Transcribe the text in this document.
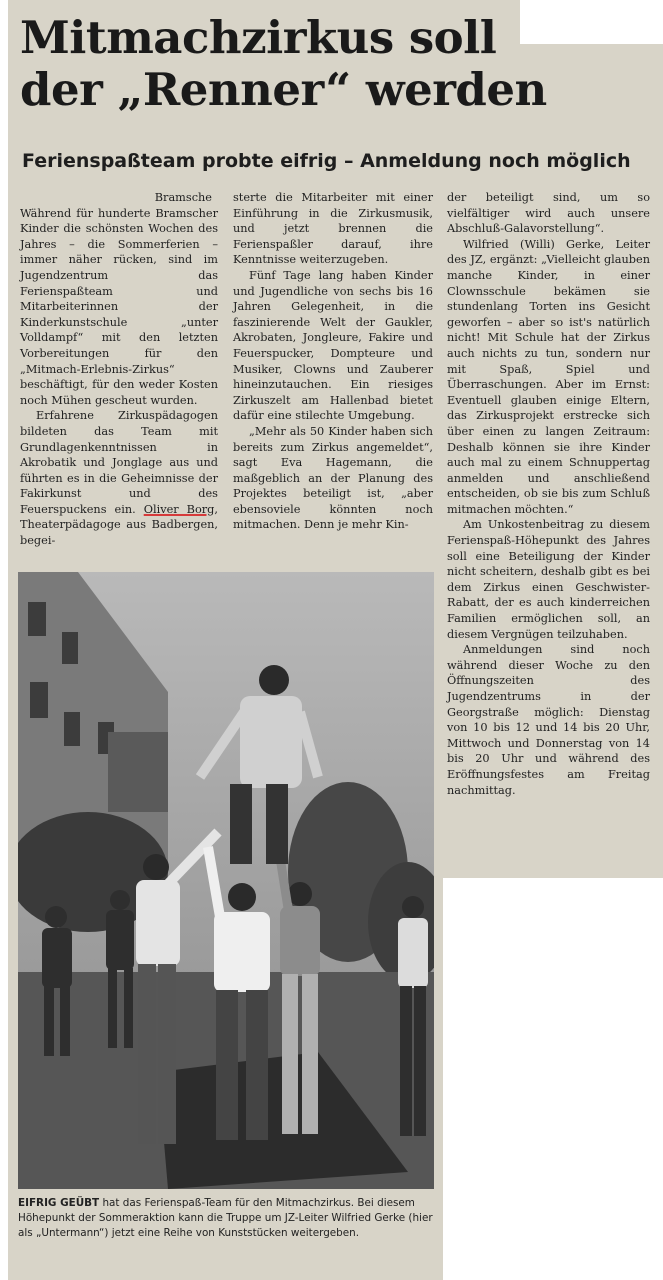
Mitmachzirkus soll
der „Renner“ werden
Ferienspaßteam probte eifrig – Anmeldung noch möglich
Bramsche

Während für hunderte Bramscher Kinder die schönsten Wochen des Jahres – die Sommerferien – immer näher rücken, sind im Jugendzentrum das Ferienspaßteam und Mitarbeiterinnen der Kinderkunstschule „unter Volldampf“ mit den letzten Vorbereitungen für den „Mitmach-Erlebnis-Zirkus“ beschäftigt, für den weder Kosten noch Mühen gescheut wurden.

Erfahrene Zirkuspädagogen bildeten das Team mit Grundlagenkenntnissen in Akrobatik und Jonglage aus und führten es in die Geheimnisse der Fakirkunst und des Feuerspuckens ein. Oliver Borg, Theaterpädagoge aus Badbergen, begei-

sterte die Mitarbeiter mit einer Einführung in die Zirkusmusik, und jetzt brennen die Ferienspaßler darauf, ihre Kenntnisse weiterzugeben.

Fünf Tage lang haben Kinder und Jugendliche von sechs bis 16 Jahren Gelegenheit, in die faszinierende Welt der Gaukler, Akrobaten, Jongleure, Fakire und Feuerspucker, Dompteure und Musiker, Clowns und Zauberer hineinzutauchen. Ein riesiges Zirkuszelt am Hallenbad bietet dafür eine stilechte Umgebung.

„Mehr als 50 Kinder haben sich bereits zum Zirkus angemeldet“, sagt Eva Hagemann, die maßgeblich an der Planung des Projektes beteiligt ist, „aber ebensoviele könnten noch mitmachen. Denn je mehr Kin-

der beteiligt sind, um so vielfältiger wird auch unsere Abschluß-Galavorstellung“.

Wilfried (Willi) Gerke, Leiter des JZ, ergänzt: „Vielleicht glauben manche Kinder, in einer Clownsschule bekämen sie stundenlang Torten ins Gesicht geworfen – aber so ist's natürlich nicht! Mit Schule hat der Zirkus auch nichts zu tun, sondern nur mit Spaß, Spiel und Überraschungen. Aber im Ernst: Eventuell glauben einige Eltern, das Zirkusprojekt erstrecke sich über einen zu langen Zeitraum: Deshalb können sie ihre Kinder auch mal zu einem Schnuppertag anmelden und anschließend entscheiden, ob sie bis zum Schluß mitmachen möchten.“

Am Unkostenbeitrag zu diesem Ferienspaß-Höhepunkt des Jahres soll eine Beteiligung der Kinder nicht scheitern, deshalb gibt es bei dem Zirkus einen Geschwister-Rabatt, der es auch kinderreichen Familien ermöglichen soll, an diesem Vergnügen teilzuhaben.

Anmeldungen sind noch während dieser Woche zu den Öffnungszeiten des Jugendzentrums in der Georgstraße möglich: Dienstag von 10 bis 12 und 14 bis 20 Uhr, Mittwoch und Donnerstag von 14 bis 20 Uhr und während des Eröffnungsfestes am Freitag nachmittag.

EIFRIG GEÜBT hat das Ferienspaß-Team für den Mitmachzirkus. Bei diesem Höhepunkt der Sommeraktion kann die Truppe um JZ-Leiter Wilfried Gerke (hier als „Untermann“) jetzt eine Reihe von Kunststücken weitergeben.
